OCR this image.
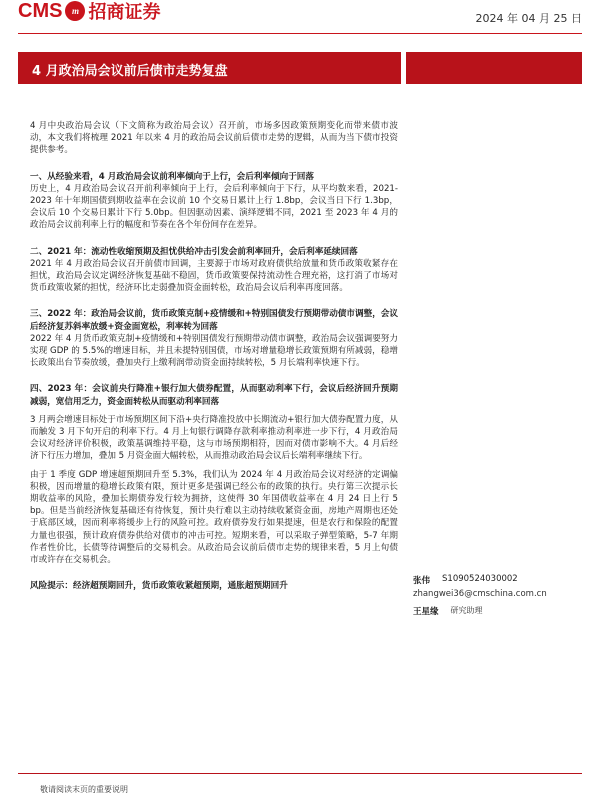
CMS	m 招商证券	2024 年 04 月 25 日
4 月政治局会议前后债市走势复盘

4 月中央政治局会议（下文简称为政治局会议）召开前，市场多因政策预期变化而带来债市波动，本文我们将梳理 2021 年以来 4 月的政治局会议前后债市走势的逻辑，从而为当下债市投资提供参考。

一、从经验来看，4 月政治局会议前利率倾向于上行，会后利率倾向于回落

历史上，4 月政治局会议召开前利率倾向于上行，会后利率倾向于下行，从平均数来看，2021-2023 年十年期国债到期收益率在会议前 10 个交易日累计上行 1.8bp，会议当日下行 1.3bp，会议后 10 个交易日累计下行 5.0bp。但因驱动因素、演绎逻辑不同，2021 至 2023 年 4 月的政治局会议前利率上行的幅度和节奏在各个年份间存在差异。

二、2021 年：流动性收缩预期及担忧供给冲击引发会前利率回升，会后利率延续回落

2021 年 4 月政治局会议召开前债市回调，主要源于市场对政府债供给放量和货币政策收紧存在担忧，政治局会议定调经济恢复基础不稳固，货币政策要保持流动性合理充裕，这打消了市场对货币政策收紧的担忧，经济环比走弱叠加资金面转松，政治局会议后利率再度回落。

三、2022 年：政治局会议前，货币政策克制+疫情缓和+特别国债发行预期带动债市调整，会议后经济复苏斜率放缓+资金面宽松，利率转为回落

2022 年 4 月货币政策克制+疫情缓和+特别国债发行预期带动债市调整，政治局会议强调要努力实现 GDP 的 5.5%的增速目标，并且未提特别国债，市场对增量稳增长政策预期有所减弱，稳增长政策出台节奏放缓，叠加央行上缴利润带动资金面持续转松，5 月长端利率快速下行。

四、2023 年：会议前央行降准+银行加大债券配置，从而驱动利率下行，会议后经济回升预期减弱，宽信用乏力，资金面转松从而驱动利率回落

3 月两会增速目标处于市场预期区间下沿+央行降准投放中长期流动+银行加大债券配置力度，从而触发 3 月下旬开启的利率下行。4 月上旬银行调降存款利率推动利率进一步下行，4 月政治局会议对经济评价积极，政策基调维持平稳，这与市场预期相符，因而对债市影响不大。4 月后经济下行压力增加，叠加 5 月资金面大幅转松，从而推动政治局会议后长端利率继续下行。

由于 1 季度 GDP 增速超预期回升至 5.3%，我们认为 2024 年 4 月政治局会议对经济的定调偏积极，因而增量的稳增长政策有限，预计更多是强调已经公布的政策的执行。央行第三次提示长期收益率的风险，叠加长期债券发行较为拥挤，这使得 30 年国债收益率在 4 月 24 日上行 5 bp。但是当前经济恢复基础还有待恢复，预计央行难以主动持续收紧资金面，房地产周期也还处于底部区域，因而利率将缓步上行的风险可控。政府债券发行如果提速，但是农行和保险的配置力量也很强，预计政府债券供给对债市的冲击可控。短期来看，可以采取子弹型策略，5-7 年期作者性价比，长债等待调整后的交易机会。从政治局会议前后债市走势的规律来看，5 月上旬债市或许存在交易机会。

风险提示：经济超预期回升，货币政策收紧超预期，通胀超预期回升

张伟 S1090524030002
zhangwei36@cmschina.com.cn
王星缘 研究助理
敬请阅读末页的重要说明
